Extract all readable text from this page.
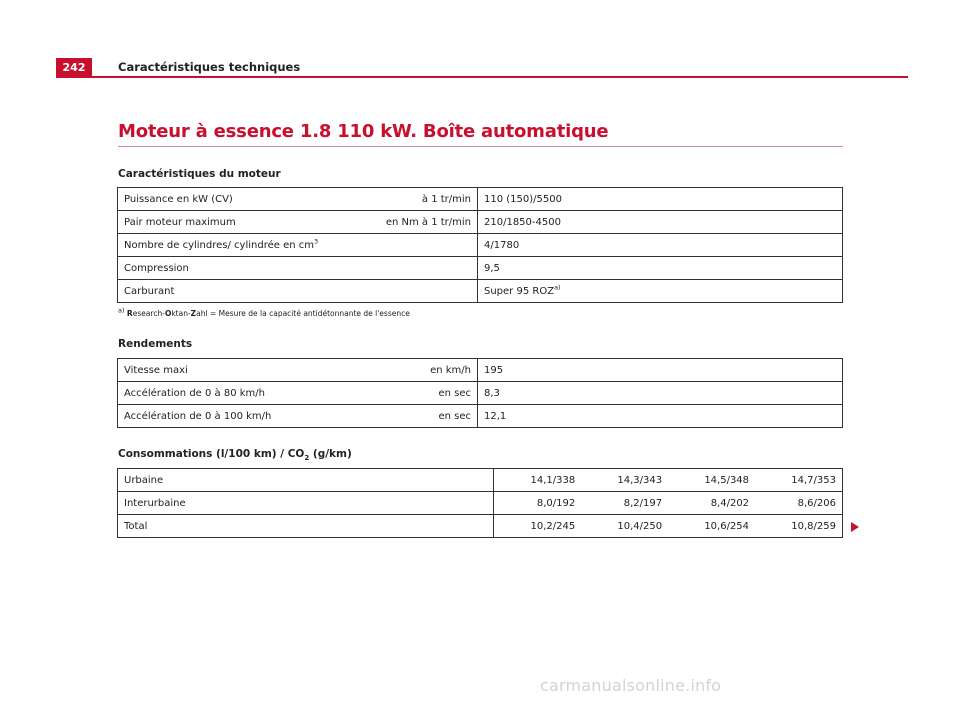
242	Caractéristiques techniques
Moteur à essence 1.8 110 kW. Boîte automatique
Caractéristiques du moteur
Puissance en kW (CV)	à 1 tr/min	110 (150)/5500
Pair moteur maximum	en Nm à 1 tr/min	210/1850-4500
Nombre de cylindres/ cylindrée en $cm^3$		4/1780
Compression		9,5
Carburant		Super 95 ROZ$^{a)}$
$^{a)}$ Research-Oktan-Zahl = Mesure de la capacité antidétonnante de l'essence
Rendements
Vitesse maxi	en km/h	195
Accélération de 0 à 80 km/h	en sec	8,3
Accélération de 0 à 100 km/h	en sec	12,1
Consommations (l/100 $km) / CO_2$ (g/km)
Urbaine	14,1/338	14,3/343	14,5/348	14,7/353
Interurbaine	8,0/192	8,2/197	8,4/202	8,6/206
Total	10,2/245	10,4/250	10,6/254	10,8/259
carmanualsonline.info
